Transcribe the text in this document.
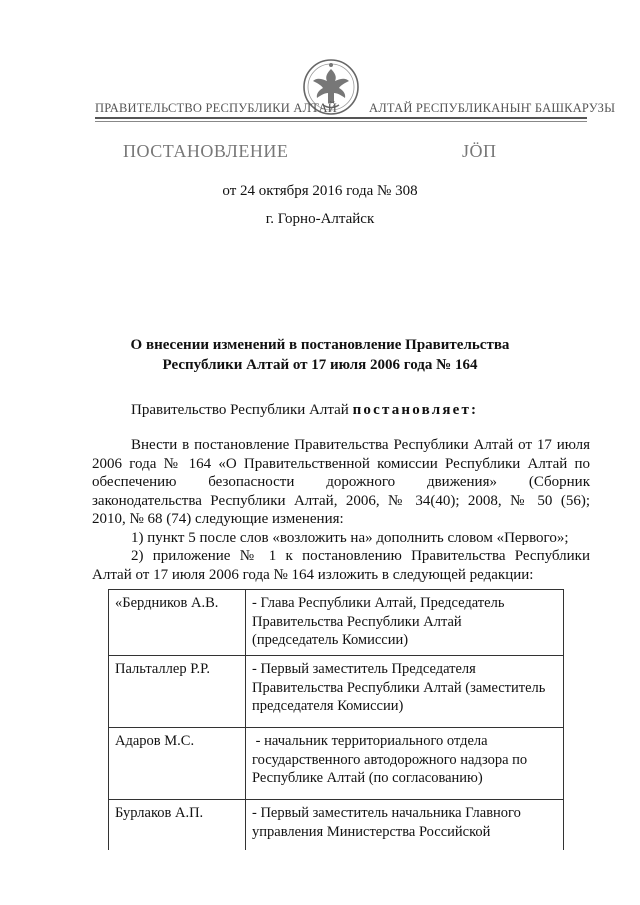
ПРАВИТЕЛЬСТВО РЕСПУБЛИКИ АЛТАЙ	АЛТАЙ РЕСПУБЛИКАНЫҤ БАШКАРУЗЫ
ПОСТАНОВЛЕНИЕ	ЈӦП
от 24 октября 2016 года № 308
г. Горно-Алтайск
О внесении изменений в постановление Правительства
Республики Алтай от 17 июля 2006 года № 164
Правительство Республики Алтай постановляет:
Внести в постановление Правительства Республики Алтай от 17 июля
2006 года № 164 «О Правительственной комиссии Республики Алтай по
обеспечению безопасности дорожного движения» (Сборник
законодательства Республики Алтай, 2006, № 34(40); 2008, № 50 (56);
2010, № 68 (74) следующие изменения:
1) пункт 5 после слов «возложить на» дополнить словом «Первого»;
2) приложение № 1 к постановлению Правительства Республики
Алтай от 17 июля 2006 года № 164 изложить в следующей редакции:
«Бердников А.В.	- Глава Республики Алтай, Председатель
Правительства Республики Алтай
(председатель Комиссии)

Пальталлер Р.Р.	- Первый заместитель Председателя
Правительства Республики Алтай (заместитель
председателя Комиссии)

Адаров М.С.	- начальник территориального отдела
государственного автодорожного надзора по
Республике Алтай (по согласованию)

Бурлаков А.П.	- Первый заместитель начальника Главного
управления Министерства Российской
